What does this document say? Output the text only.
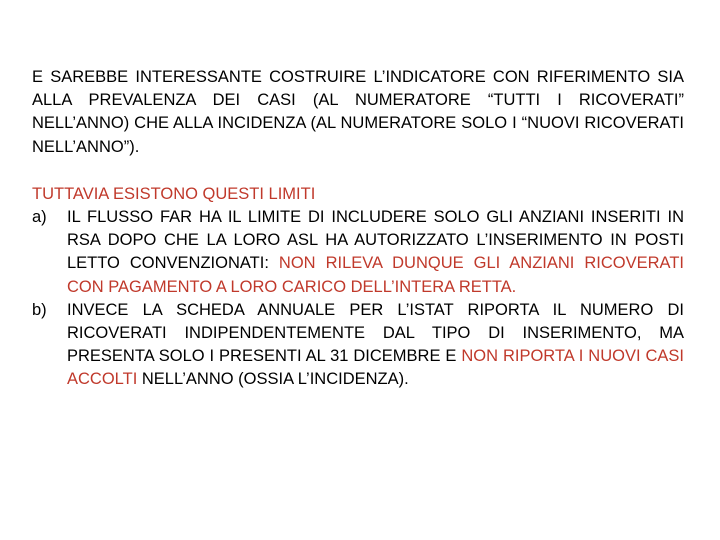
E SAREBBE INTERESSANTE COSTRUIRE L’INDICATORE CON RIFERIMENTO SIA ALLA PREVALENZA DEI CASI (AL NUMERATORE “TUTTI I RICOVERATI” NELL’ANNO) CHE ALLA INCIDENZA (AL NUMERATORE SOLO I “NUOVI RICOVERATI NELL’ANNO”).

TUTTAVIA ESISTONO QUESTI LIMITI

a)	IL FLUSSO FAR HA IL LIMITE DI INCLUDERE SOLO GLI ANZIANI INSERITI IN RSA DOPO CHE LA LORO ASL HA AUTORIZZATO L’INSERIMENTO IN POSTI LETTO CONVENZIONATI: NON RILEVA DUNQUE GLI ANZIANI RICOVERATI CON PAGAMENTO A LORO CARICO DELL’INTERA RETTA.
b)	INVECE LA SCHEDA ANNUALE PER L’ISTAT RIPORTA IL NUMERO DI RICOVERATI INDIPENDENTEMENTE DAL TIPO DI INSERIMENTO, MA PRESENTA SOLO I PRESENTI AL 31 DICEMBRE E NON RIPORTA I NUOVI CASI ACCOLTI NELL’ANNO (OSSIA L’INCIDENZA).
